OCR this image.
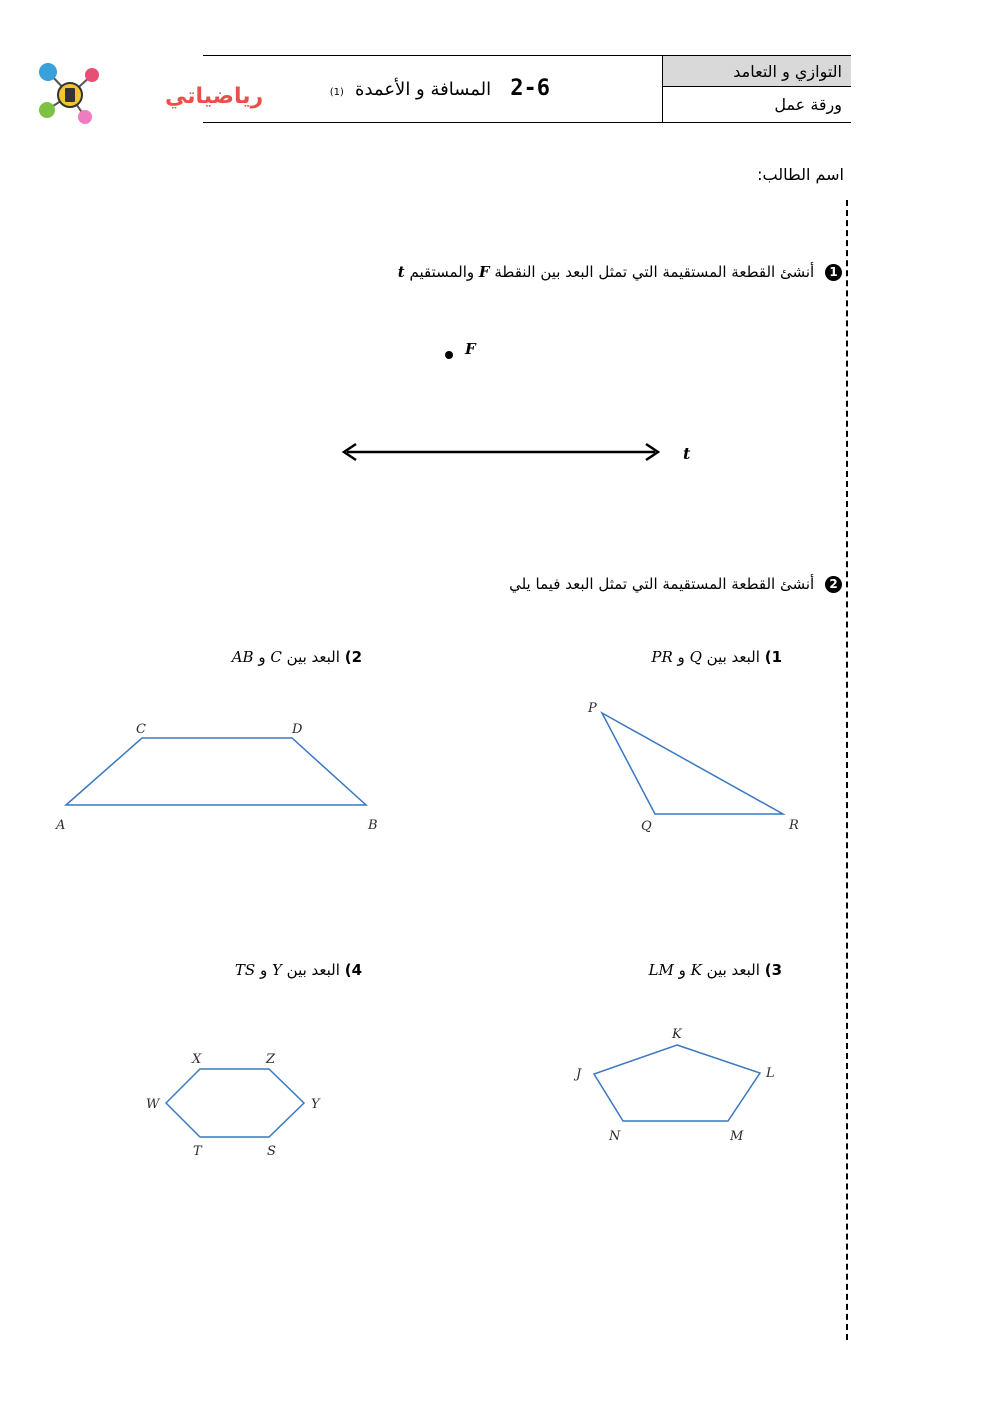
التوازي و التعامد
ورقة عمل
2-6 المسافة و الأعمدة (1)
رياضياتي
اسم الطالب:
1 أنشئ القطعة المستقيمة التي تمثل البعد بين النقطة F والمستقيم t
F
t
2 أنشئ القطعة المستقيمة التي تمثل البعد فيما يلي
1) البعد بين Q و PR
2) البعد بين C و AB
3) البعد بين K و LM
4) البعد بين Y و TS
P
Q	R
C	D
A	B
K
J	L
N	M
X	Z
W	Y
T	S
